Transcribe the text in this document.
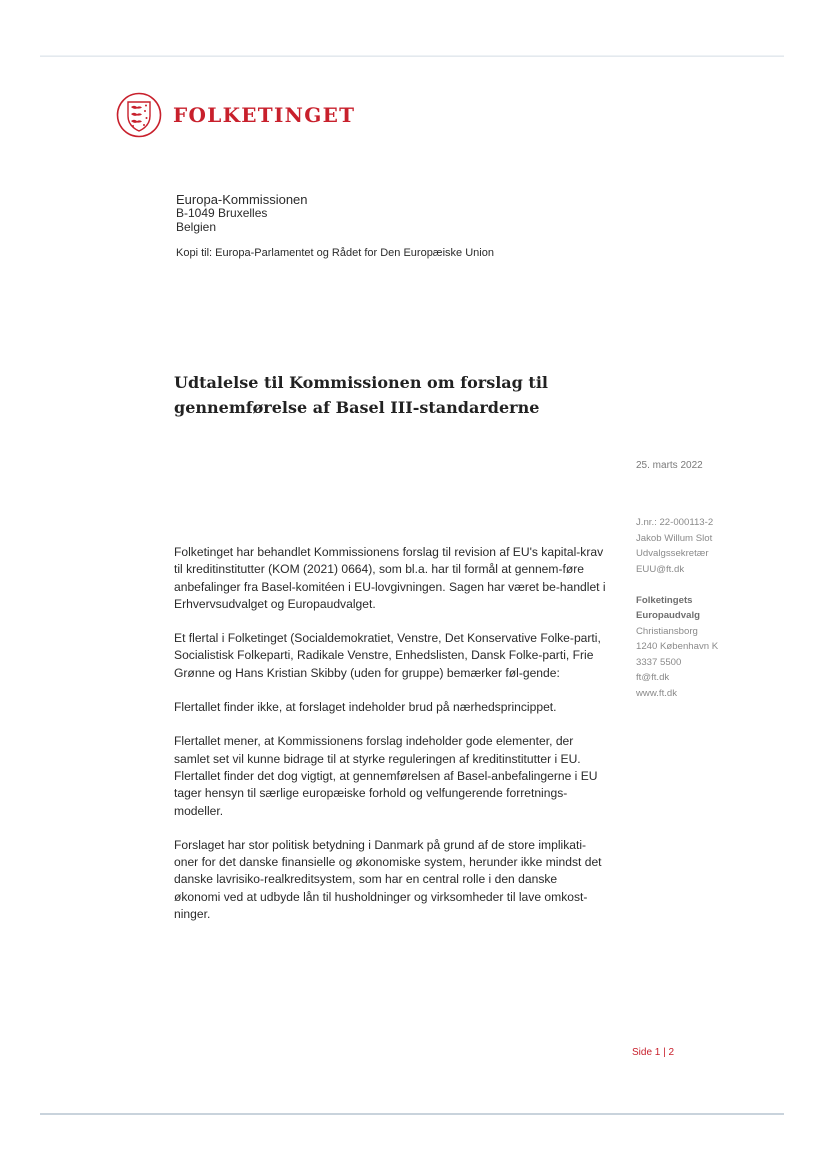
FOLKETINGET
Europa-Kommissionen
B-1049 Bruxelles
Belgien
Kopi til: Europa-Parlamentet og Rådet for Den Europæiske Union
Udtalelse til Kommissionen om forslag til
gennemførelse af Basel III-standarderne
25. marts 2022
J.nr.: 22-000113-2
Jakob Willum Slot
Udvalgssekretær
EUU@ft.dk
Folketingets
Europaudvalg
Christiansborg
1240 København K
3337 5500
ft@ft.dk
www.ft.dk

Folketinget har behandlet Kommissionens forslag til revision af EU's kapital-krav til kreditinstitutter (KOM (2021) 0664), som bl.a. har til formål at gennem-føre anbefalinger fra Basel-komitéen i EU-lovgivningen. Sagen har været be-handlet i Erhvervsudvalget og Europaudvalget.

Et flertal i Folketinget (Socialdemokratiet, Venstre, Det Konservative Folke-parti, Socialistisk Folkeparti, Radikale Venstre, Enhedslisten, Dansk Folke-parti, Frie Grønne og Hans Kristian Skibby (uden for gruppe) bemærker føl-gende:

Flertallet finder ikke, at forslaget indeholder brud på nærhedsprincippet.

Flertallet mener, at Kommissionens forslag indeholder gode elementer, der samlet set vil kunne bidrage til at styrke reguleringen af kreditinstitutter i EU. Flertallet finder det dog vigtigt, at gennemførelsen af Basel-anbefalingerne i EU tager hensyn til særlige europæiske forhold og velfungerende forretnings-modeller.

Forslaget har stor politisk betydning i Danmark på grund af de store implikati-oner for det danske finansielle og økonomiske system, herunder ikke mindst det danske lavrisiko-realkreditsystem, som har en central rolle i den danske økonomi ved at udbyde lån til husholdninger og virksomheder til lave omkost-ninger.

Side 1 | 2
